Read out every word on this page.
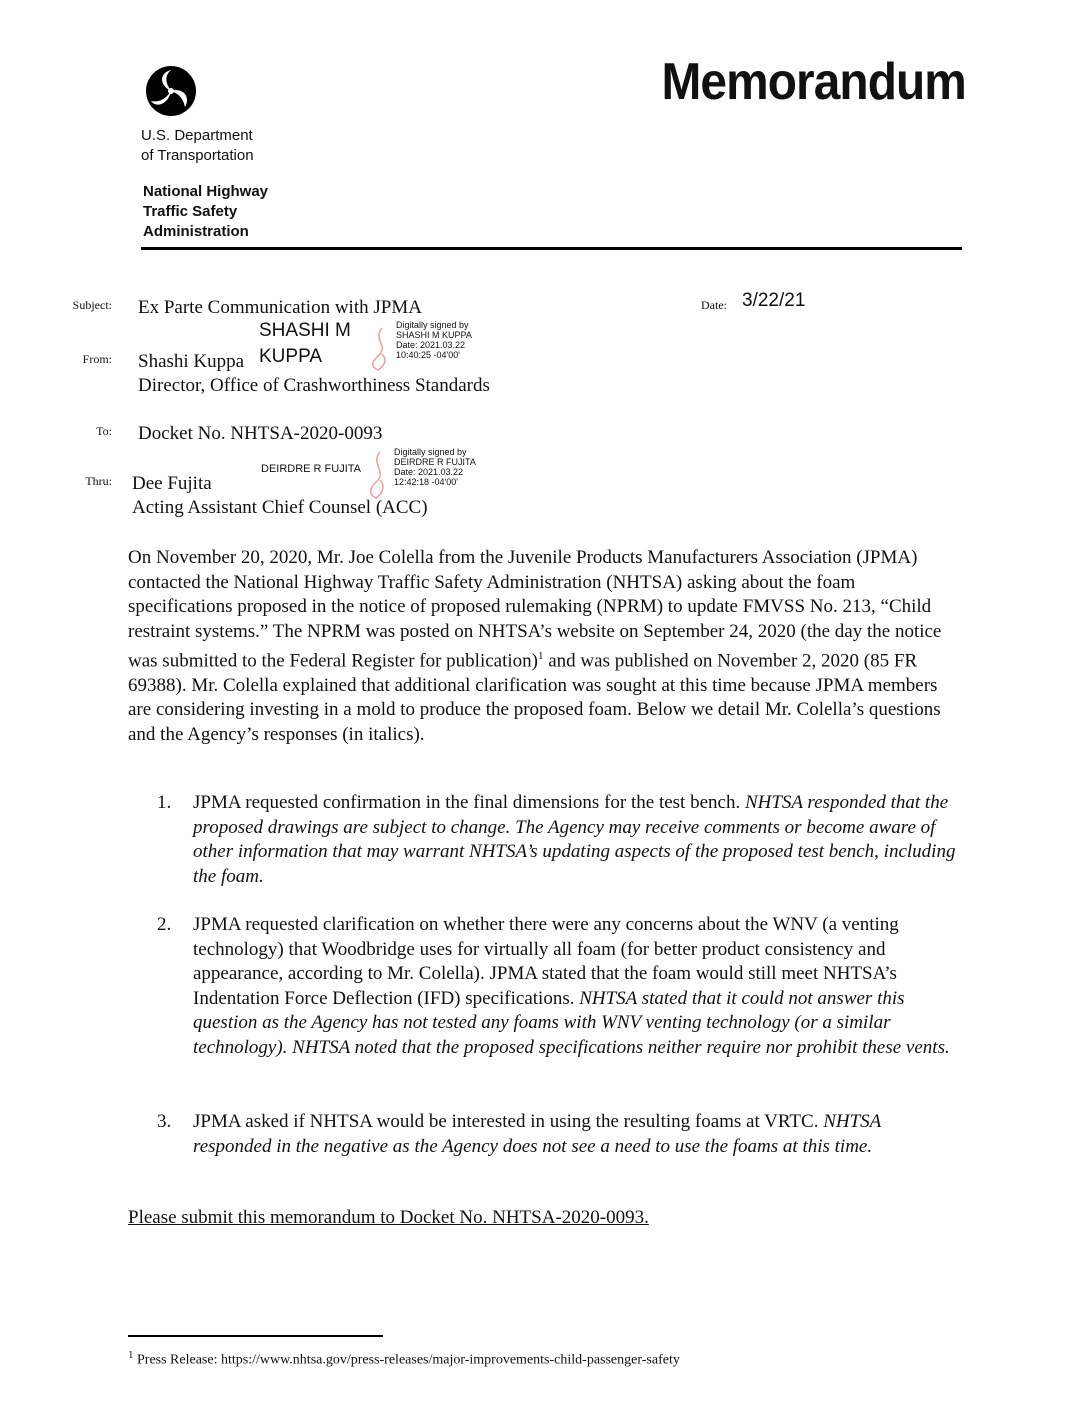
Memorandum
U.S. Department
of Transportation
National Highway
Traffic Safety
Administration
Subject: Ex Parte Communication with JPMA	Date: 3/22/21
SHASHI M
KUPPA
Digitally signed by
SHASHI M KUPPA
Date: 2021.03.22
10:40:25 -04'00'
From: Shashi Kuppa
Director, Office of Crashworthiness Standards
To: Docket No. NHTSA-2020-0093
DEIRDRE R FUJITA
Digitally signed by
DEIRDRE R FUJITA
Date: 2021.03.22
12:42:18 -04'00'
Thru: Dee Fujita
Acting Assistant Chief Counsel (ACC)
On November 20, 2020, Mr. Joe Colella from the Juvenile Products Manufacturers Association (JPMA) contacted the National Highway Traffic Safety Administration (NHTSA) asking about the foam specifications proposed in the notice of proposed rulemaking (NPRM) to update FMVSS No. 213, “Child restraint systems.” The NPRM was posted on NHTSA’s website on September 24, 2020 (the day the notice was submitted to the Federal Register for publication)$^1$ and was published on November 2, 2020 (85 FR 69388). Mr. Colella explained that additional clarification was sought at this time because JPMA members are considering investing in a mold to produce the proposed foam. Below we detail Mr. Colella’s questions and the Agency’s responses (in italics).
1. JPMA requested confirmation in the final dimensions for the test bench. NHTSA responded that the proposed drawings are subject to change. The Agency may receive comments or become aware of other information that may warrant NHTSA’s updating aspects of the proposed test bench, including the foam.
2. JPMA requested clarification on whether there were any concerns about the WNV (a venting technology) that Woodbridge uses for virtually all foam (for better product consistency and appearance, according to Mr. Colella). JPMA stated that the foam would still meet NHTSA’s Indentation Force Deflection (IFD) specifications. NHTSA stated that it could not answer this question as the Agency has not tested any foams with WNV venting technology (or a similar technology). NHTSA noted that the proposed specifications neither require nor prohibit these vents.
3. JPMA asked if NHTSA would be interested in using the resulting foams at VRTC. NHTSA responded in the negative as the Agency does not see a need to use the foams at this time.
Please submit this memorandum to Docket No. NHTSA-2020-0093.
$^1$ Press Release: https://www.nhtsa.gov/press-releases/major-improvements-child-passenger-safety
